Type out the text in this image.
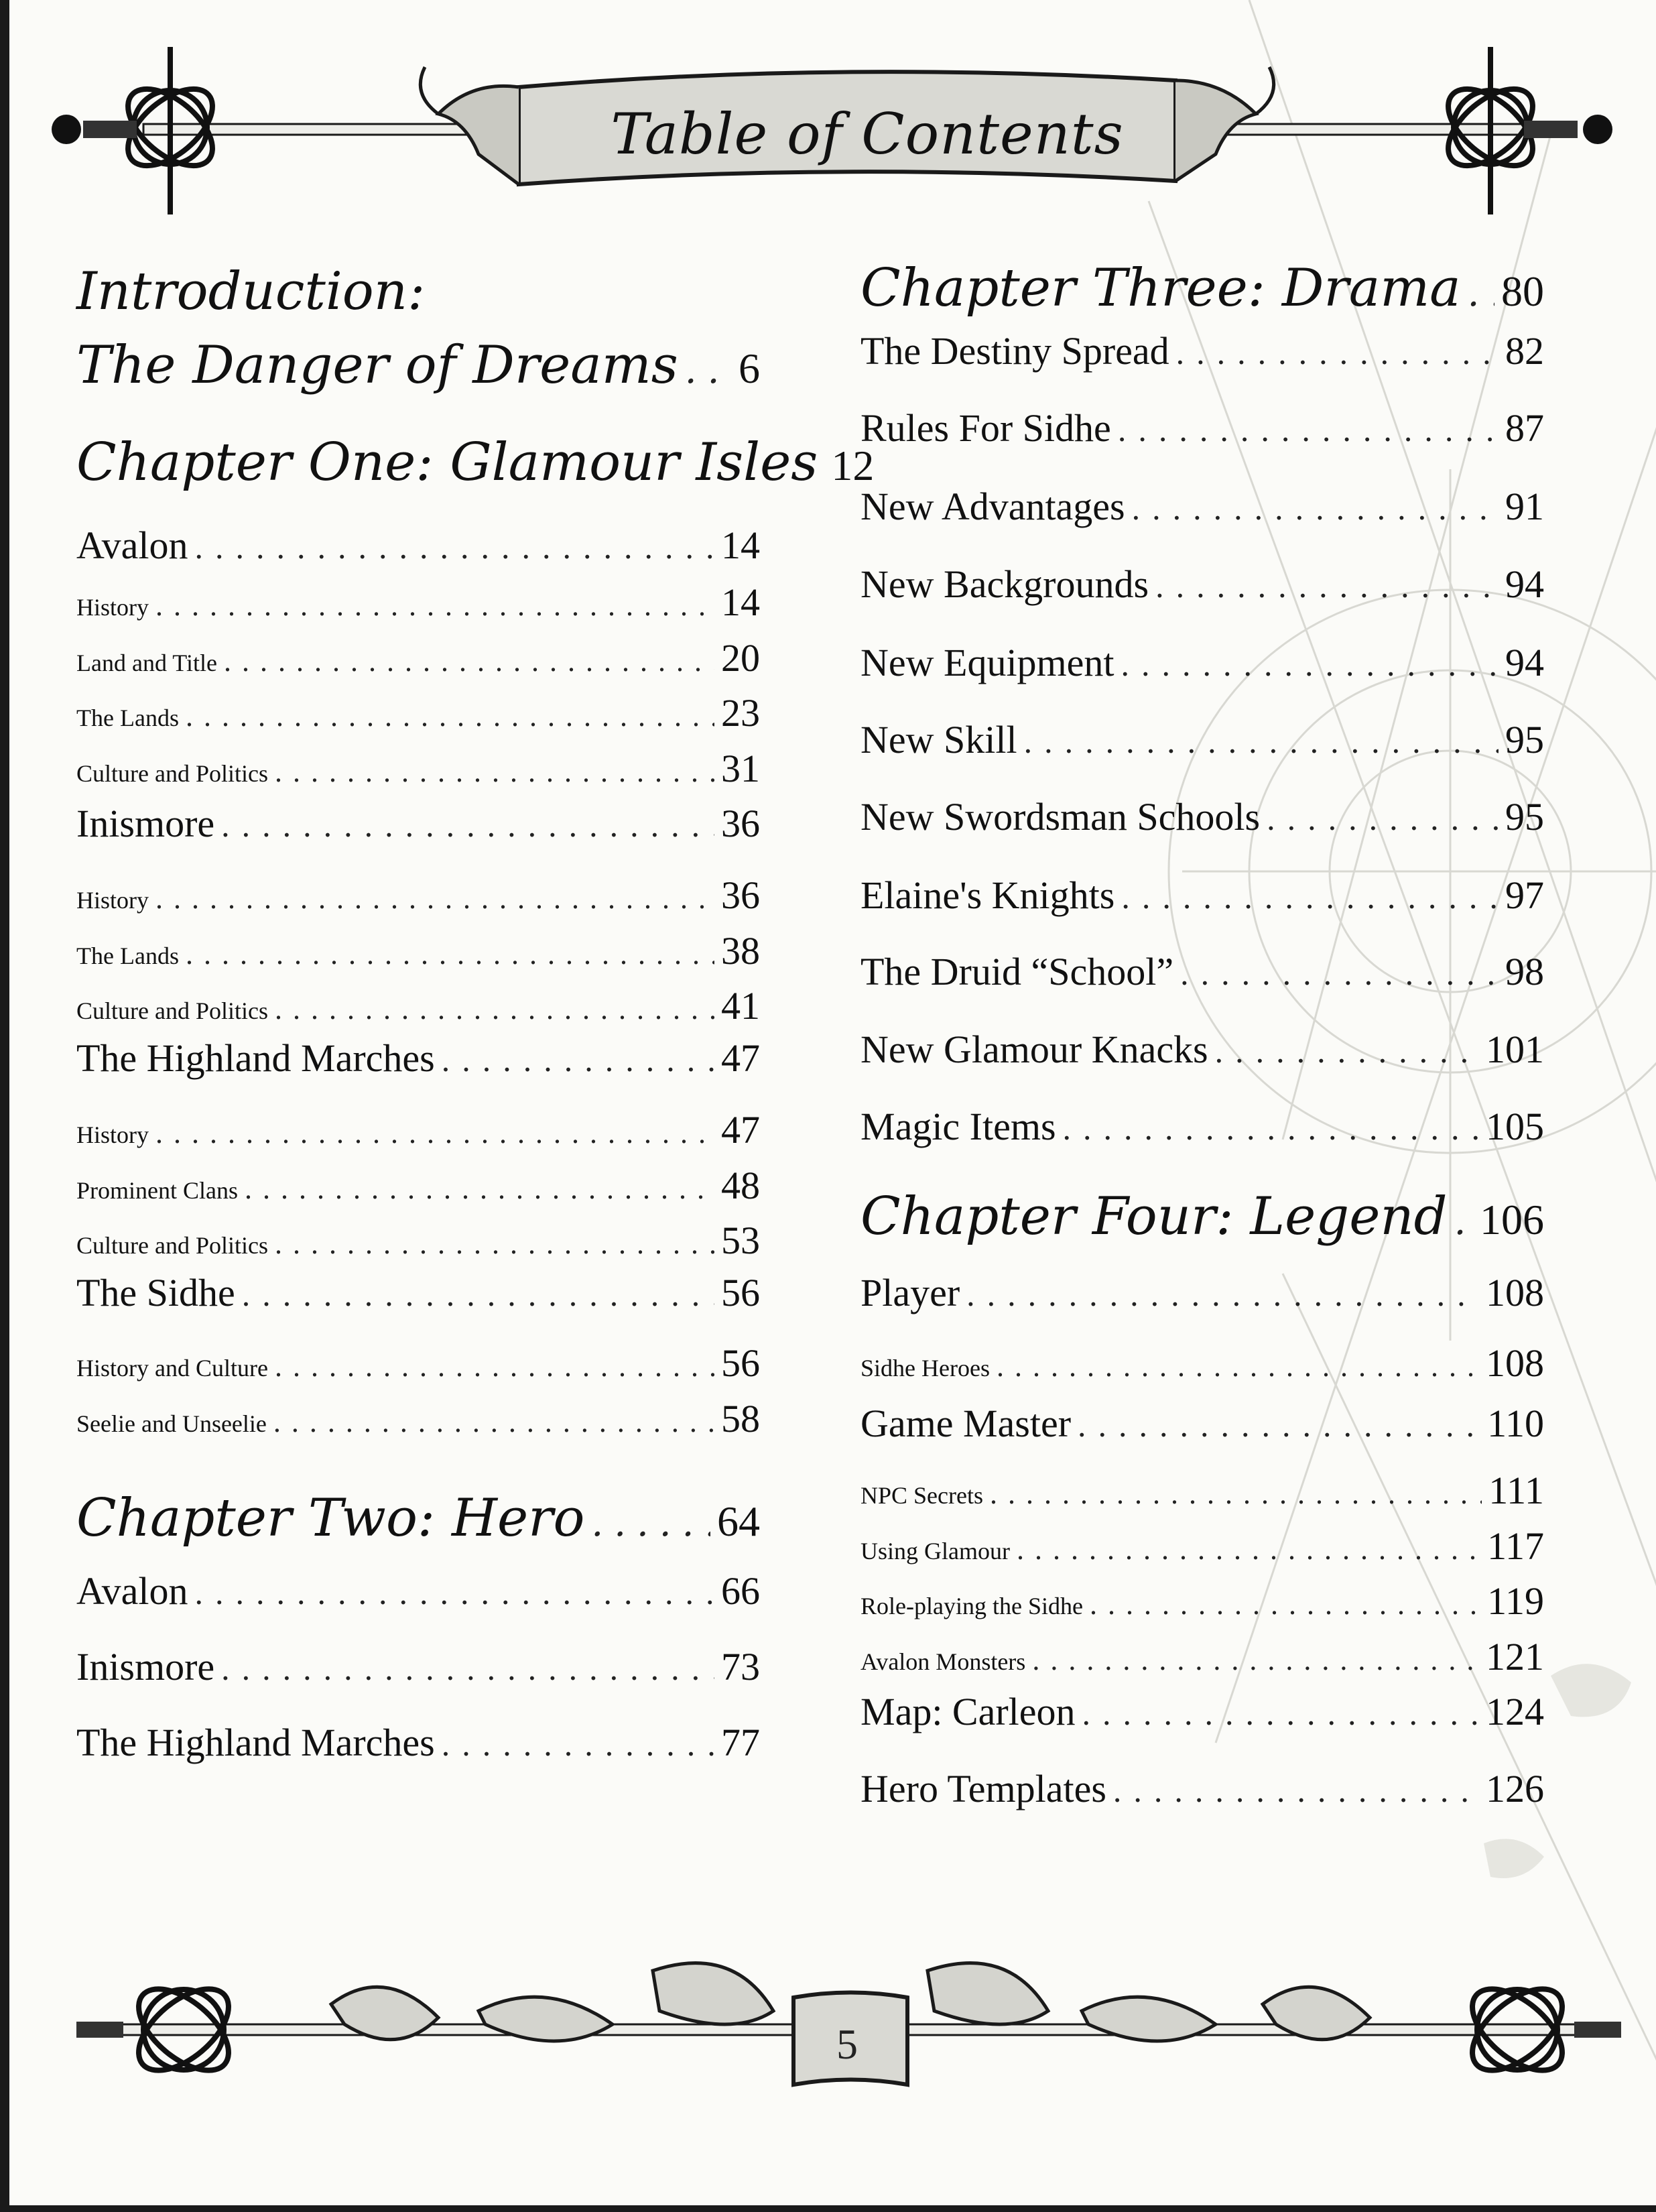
Table of Contents
Introduction:
The Danger of Dreams ..... 6
Chapter One: Glamour Isles 12
Avalon .....	14
History .....	14
Land and Title .....	20
The Lands .....	23
Culture and Politics .....	31
Inismore .....	36
History .....	36
The Lands .....	38
Culture and Politics .....	41
The Highland Marches .....	47
History .....	47
Prominent Clans .....	48
Culture and Politics .....	53
The Sidhe .....	56
History and Culture .....	56
Seelie and Unseelie .....	58
Chapter Two: Hero .....	64
Avalon .....	66
Inismore .....	73
The Highland Marches .....	77
Chapter Three: Drama ..... 80
The Destiny Spread .....	82
Rules For Sidhe .....	87
New Advantages .....	91
New Backgrounds .....	94
New Equipment .....	94
New Skill .....	95
New Swordsman Schools .....	95
Elaine's Knights .....	97
The Druid “School” .....	98
New Glamour Knacks .....	101
Magic Items .....	105
Chapter Four: Legend ..... 106
Player .....	108
Sidhe Heroes .....	108
Game Master .....	110
NPC Secrets .....	111
Using Glamour .....	117
Role-playing the Sidhe .....	119
Avalon Monsters .....	121
Map: Carleon .....	124
Hero Templates .....	126
5
